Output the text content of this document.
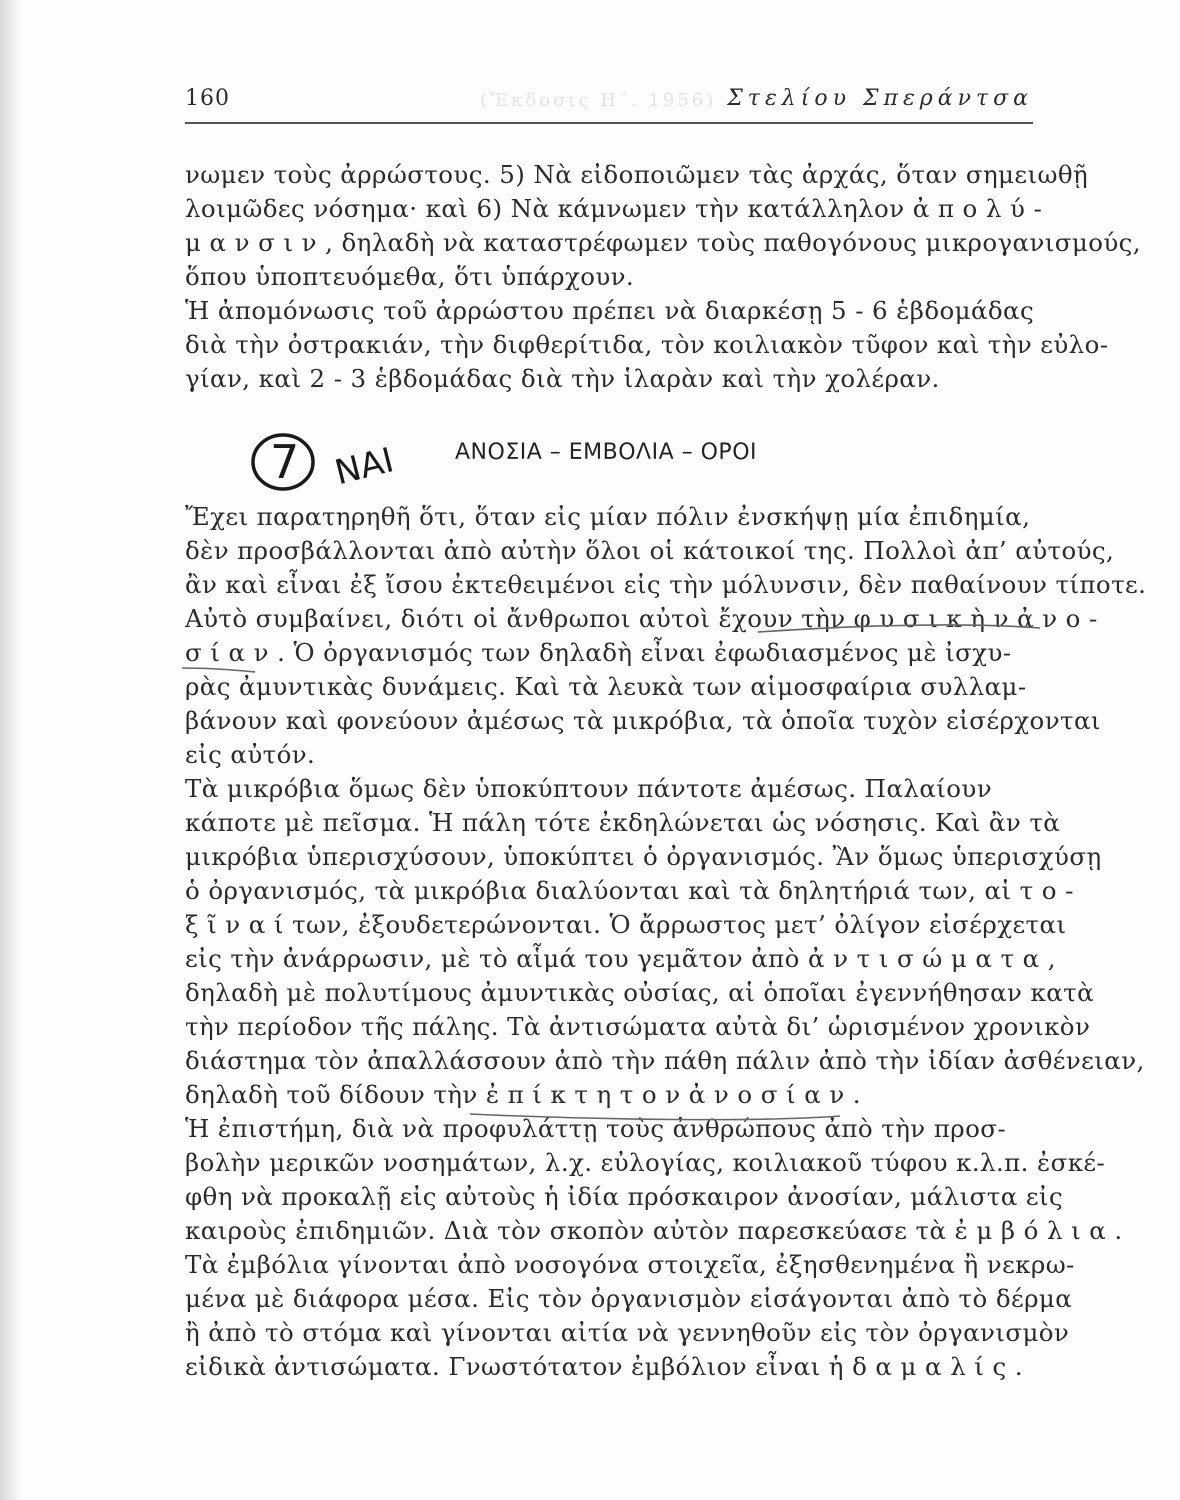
(Ἔκδοσις Η΄. 1956)
160	Στελίου Σπεράντσα
νωμεν τοὺς ἀρρώστους. 5) Νὰ εἰδοποιῶμεν τὰς ἀρχάς, ὅταν σημειωθῇ
λοιμῶδες νόσημα· καὶ 6) Νὰ κάμνωμεν τὴν κατάλληλον ἀ π ο λ ύ -
μ α ν σ ι ν , δηλαδὴ νὰ καταστρέφωμεν τοὺς παθογόνους μικρογανισμούς,
ὅπου ὑποπτευόμεθα, ὅτι ὑπάρχουν.
Ἡ ἀπομόνωσις τοῦ ἀρρώστου πρέπει νὰ διαρκέσῃ 5 - 6 ἑβδομάδας
διὰ τὴν ὀστρακιάν, τὴν διφθερίτιδα, τὸν κοιλιακὸν τῦφον καὶ τὴν εὐλο-
γίαν, καὶ 2 - 3 ἑβδομάδας διὰ τὴν ἱλαρὰν καὶ τὴν χολέραν.
7 ΝΑΙ	ΑΝΟΣΙΑ – ΕΜΒΟΛΙΑ – ΟΡΟΙ
Ἔχει παρατηρηθῆ ὅτι, ὅταν εἰς μίαν πόλιν ἐνσκήψῃ μία ἐπιδημία,
δὲν προσβάλλονται ἀπὸ αὐτὴν ὅλοι οἱ κάτοικοί της. Πολλοὶ ἀπ’ αὐτούς,
ἂν καὶ εἶναι ἐξ ἴσου ἐκτεθειμένοι εἰς τὴν μόλυνσιν, δὲν παθαίνουν τίποτε.
Αὐτὸ συμβαίνει, διότι οἱ ἄνθρωποι αὐτοὶ ἔχουν τὴν φ υ σ ι κ ὴ ν ἀ ν ο -
σ ί α ν . Ὁ ὀργανισμός των δηλαδὴ εἶναι ἐφωδιασμένος μὲ ἰσχυ-
ρὰς ἀμυντικὰς δυνάμεις. Καὶ τὰ λευκὰ των αἱμοσφαίρια συλλαμ-
βάνουν καὶ φονεύουν ἀμέσως τὰ μικρόβια, τὰ ὁποῖα τυχὸν εἰσέρχονται
εἰς αὐτόν.
Τὰ μικρόβια ὅμως δὲν ὑποκύπτουν πάντοτε ἀμέσως. Παλαίουν
κάποτε μὲ πεῖσμα. Ἡ πάλη τότε ἐκδηλώνεται ὡς νόσησις. Καὶ ἂν τὰ
μικρόβια ὑπερισχύσουν, ὑποκύπτει ὁ ὀργανισμός. Ἂν ὅμως ὑπερισχύσῃ
ὁ ὀργανισμός, τὰ μικρόβια διαλύονται καὶ τὰ δηλητήριά των, αἱ τ ο -
ξ ῖ ν α ί των, ἐξουδετερώνονται. Ὁ ἄρρωστος μετ’ ὀλίγον εἰσέρχεται
εἰς τὴν ἀνάρρωσιν, μὲ τὸ αἷμά του γεμᾶτον ἀπὸ ἀ ν τ ι σ ώ μ α τ α ,
δηλαδὴ μὲ πολυτίμους ἀμυντικὰς οὐσίας, αἱ ὁποῖαι ἐγεννήθησαν κατὰ
τὴν περίοδον τῆς πάλης. Τὰ ἀντισώματα αὐτὰ δι’ ὡρισμένον χρονικὸν
διάστημα τὸν ἀπαλλάσσουν ἀπὸ τὴν πάθη πάλιν ἀπὸ τὴν ἰδίαν ἀσθένειαν,
δηλαδὴ τοῦ δίδουν τὴν ἐ π ί κ τ η τ ο ν ἀ ν ο σ ί α ν .
Ἡ ἐπιστήμη, διὰ νὰ προφυλάττῃ τοὺς ἀνθρώπους ἀπὸ τὴν προσ-
βολὴν μερικῶν νοσημάτων, λ.χ. εὐλογίας, κοιλιακοῦ τύφου κ.λ.π. ἐσκέ-
φθη νὰ προκαλῇ εἰς αὐτοὺς ἡ ἰδία πρόσκαιρον ἀνοσίαν, μάλιστα εἰς
καιροὺς ἐπιδημιῶν. Διὰ τὸν σκοπὸν αὐτὸν παρεσκεύασε τὰ ἐ μ β ό λ ι α .
Τὰ ἐμβόλια γίνονται ἀπὸ νοσογόνα στοιχεῖα, ἐξησθενημένα ἢ νεκρω-
μένα μὲ διάφορα μέσα. Εἰς τὸν ὀργανισμὸν εἰσάγονται ἀπὸ τὸ δέρμα
ἢ ἀπὸ τὸ στόμα καὶ γίνονται αἰτία νὰ γεννηθοῦν εἰς τὸν ὀργανισμὸν
εἰδικὰ ἀντισώματα. Γνωστότατον ἐμβόλιον εἶναι ἡ δ α μ α λ ί ς .
